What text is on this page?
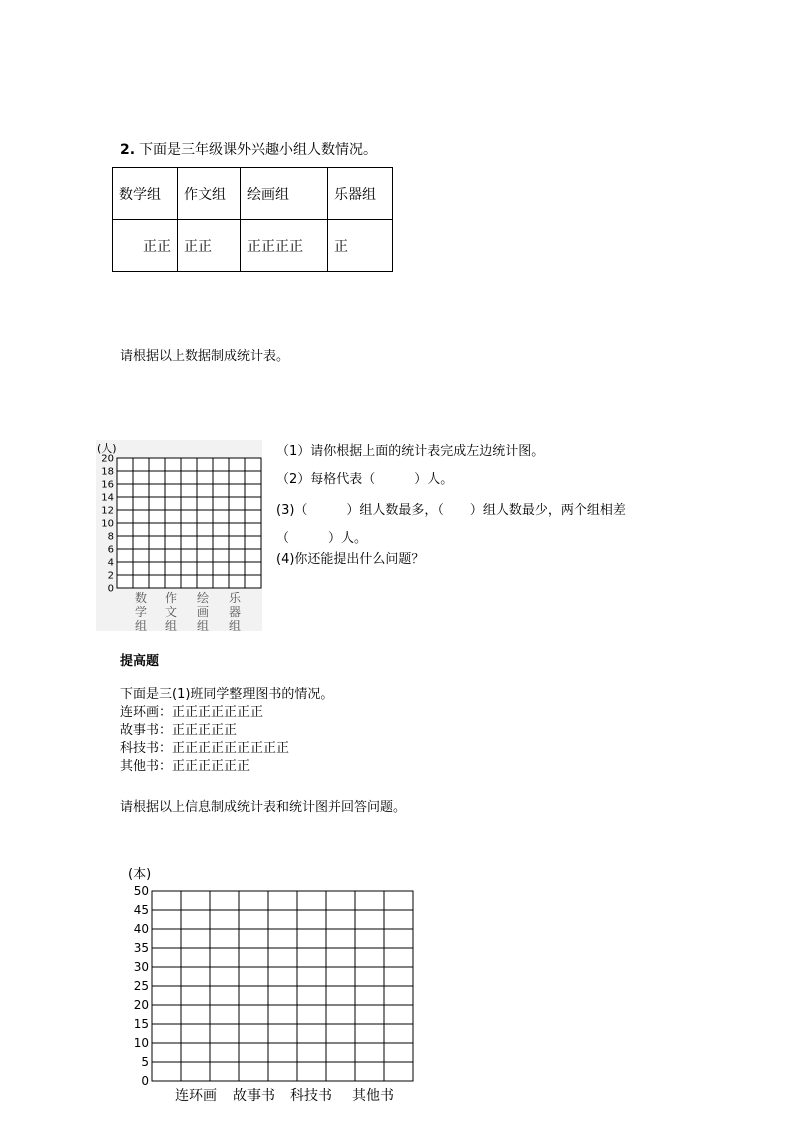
2. 下面是三年级课外兴趣小组人数情况。
数学组	作文组	绘画组	乐器组
正正	正正	正正正正	正
请根据以上数据制成统计表。
0
2
4
6
8
10
12
14
16
18
20
(人)
数
学
组
作
文
组
绘
画
组
乐
器
组
（1）请你根据上面的统计表完成左边统计图。
（2）每格代表（　　　）人。
(3)（　　　）组人数最多，（　　）组人数最少，两个组相差
（　　　）人。
(4)你还能提出什么问题？
提高题
下面是三(1)班同学整理图书的情况。
连环画：正正正正正正正
故事书：正正正正正
科技书：正正正正正正正正正
其他书：正正正正正正
请根据以上信息制成统计表和统计图并回答问题。
0
5
10
15
20
25
30
35
40
45
50
(本)
连环画 故事书 科技书 其他书
